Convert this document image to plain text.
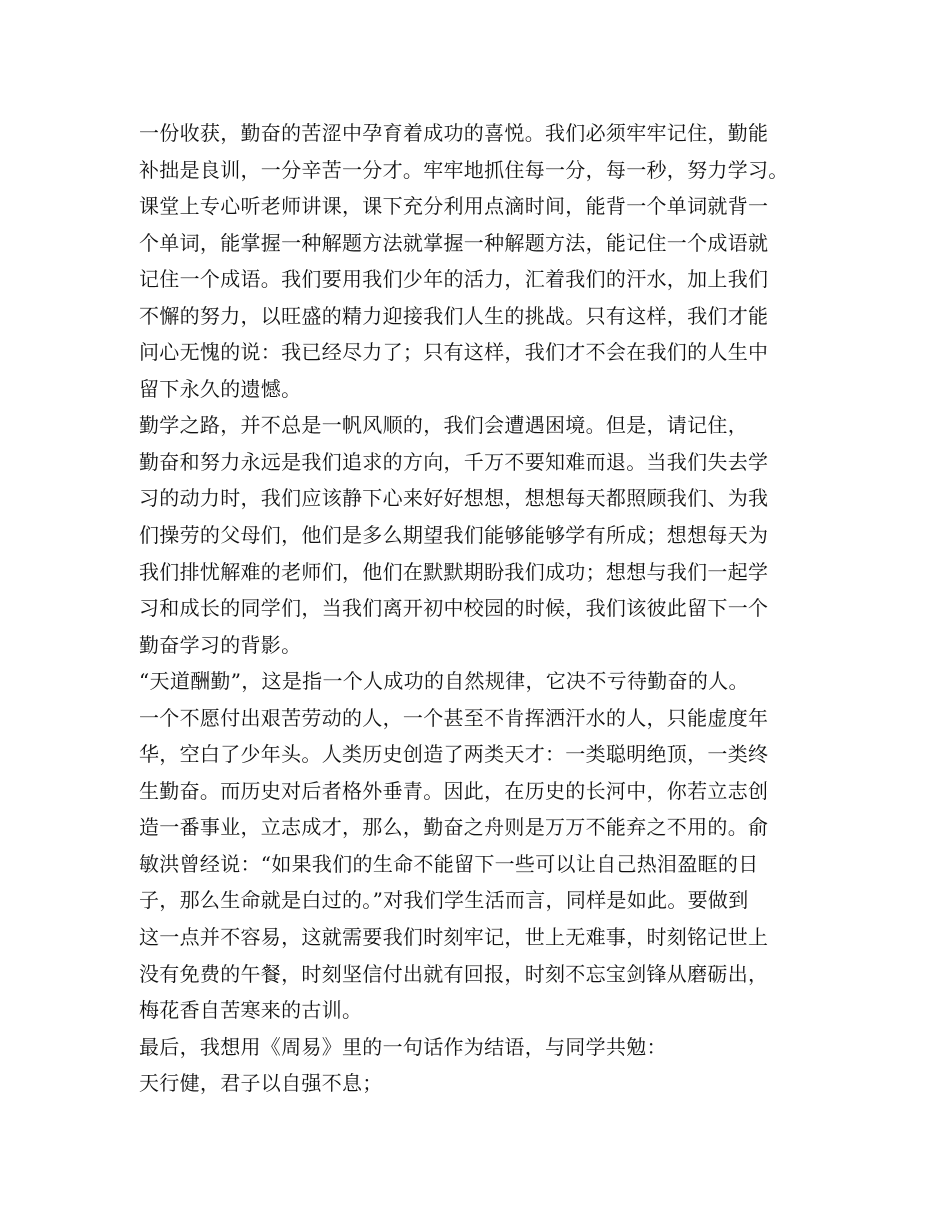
一份收获，勤奋的苦涩中孕育着成功的喜悦。我们必须牢牢记住，勤能
补拙是良训，一分辛苦一分才。牢牢地抓住每一分，每一秒，努力学习。
课堂上专心听老师讲课，课下充分利用点滴时间，能背一个单词就背一
个单词，能掌握一种解题方法就掌握一种解题方法，能记住一个成语就
记住一个成语。我们要用我们少年的活力，汇着我们的汗水，加上我们
不懈的努力，以旺盛的精力迎接我们人生的挑战。只有这样，我们才能
问心无愧的说：我已经尽力了；只有这样，我们才不会在我们的人生中
留下永久的遗憾。
勤学之路，并不总是一帆风顺的，我们会遭遇困境。但是，请记住，
勤奋和努力永远是我们追求的方向，千万不要知难而退。当我们失去学
习的动力时，我们应该静下心来好好想想，想想每天都照顾我们、为我
们操劳的父母们，他们是多么期望我们能够能够学有所成；想想每天为
我们排忧解难的老师们，他们在默默期盼我们成功；想想与我们一起学
习和成长的同学们，当我们离开初中校园的时候，我们该彼此留下一个
勤奋学习的背影。
“天道酬勤”，这是指一个人成功的自然规律，它决不亏待勤奋的人。
一个不愿付出艰苦劳动的人，一个甚至不肯挥洒汗水的人，只能虚度年
华，空白了少年头。人类历史创造了两类天才：一类聪明绝顶，一类终
生勤奋。而历史对后者格外垂青。因此，在历史的长河中，你若立志创
造一番事业，立志成才，那么，勤奋之舟则是万万不能弃之不用的。俞
敏洪曾经说：“如果我们的生命不能留下一些可以让自己热泪盈眶的日
子，那么生命就是白过的。”对我们学生活而言，同样是如此。要做到
这一点并不容易，这就需要我们时刻牢记，世上无难事，时刻铭记世上
没有免费的午餐，时刻坚信付出就有回报，时刻不忘宝剑锋从磨砺出，
梅花香自苦寒来的古训。
最后，我想用《周易》里的一句话作为结语，与同学共勉：
天行健，君子以自强不息；
